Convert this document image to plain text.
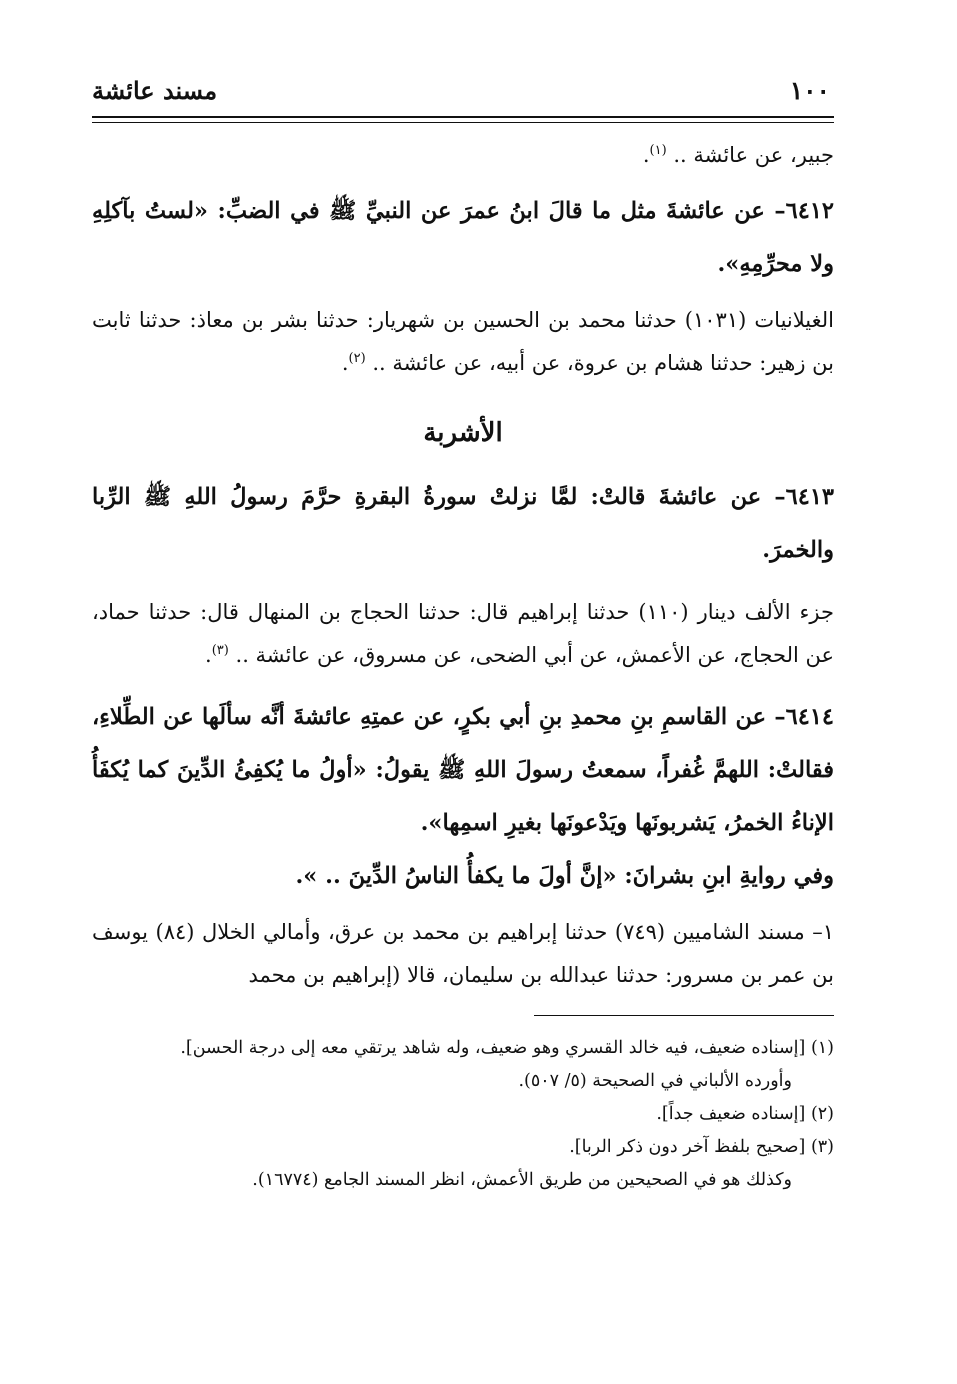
١٠٠
مسند عائشة

جبير، عن عائشة .. $^{(١)}$.

٦٤١٢– عن عائشةَ مثل ما قالَ ابنُ عمرَ عن النبيِّ ﷺ في الضبِّ: «لستُ بآكلِهِ ولا محرِّمِهِ».

الغيلانيات (١٠٣١) حدثنا محمد بن الحسين بن شهريار: حدثنا بشر بن معاذ: حدثنا ثابت بن زهير: حدثنا هشام بن عروة، عن أبيه، عن عائشة .. $^{(٢)}$.

الأشربة

٦٤١٣– عن عائشةَ قالتْ: لمَّا نزلتْ سورةُ البقرةِ حرَّمَ رسولُ اللهِ ﷺ الرِّبا والخمرَ.

جزء الألف دينار (١١٠) حدثنا إبراهيم قال: حدثنا الحجاج بن المنهال قال: حدثنا حماد، عن الحجاج، عن الأعمش، عن أبي الضحى، عن مسروق، عن عائشة .. $^{(٣)}$.

٦٤١٤– عن القاسمِ بنِ محمدِ بنِ أبي بكرٍ، عن عمتِهِ عائشةَ أنَّه سألَها عن الطِّلاءِ، فقالتْ: اللهمَّ غُفراً، سمعتُ رسولَ اللهِ ﷺ يقولُ: «أولُ ما يُكفِئُ الدِّينَ كما يُكفَأُ الإناءُ الخمرُ، يَشربونَها ويَدْعونَها بغيرِ اسمِها».

وفي روايةِ ابنِ بشرانَ: «إنَّ أولَ ما يكفأُ الناسُ الدِّينَ .. ».

١– مسند الشاميين (٧٤٩) حدثنا إبراهيم بن محمد بن عرق، وأمالي الخلال (٨٤) يوسف بن عمر بن مسرور: حدثنا عبدالله بن سليمان، قالا (إبراهيم بن محمد

(١) [إسناده ضعيف، فيه خالد القسري وهو ضعيف، وله شاهد يرتقي معه إلى درجة الحسن].

وأورده الألباني في الصحيحة (٥/ ٥٠٧).

(٢) [إسناده ضعيف جداً].

(٣) [صحيح بلفظ آخر دون ذكر الربا].

وكذلك هو في الصحيحين من طريق الأعمش، انظر المسند الجامع (١٦٧٧٤).
